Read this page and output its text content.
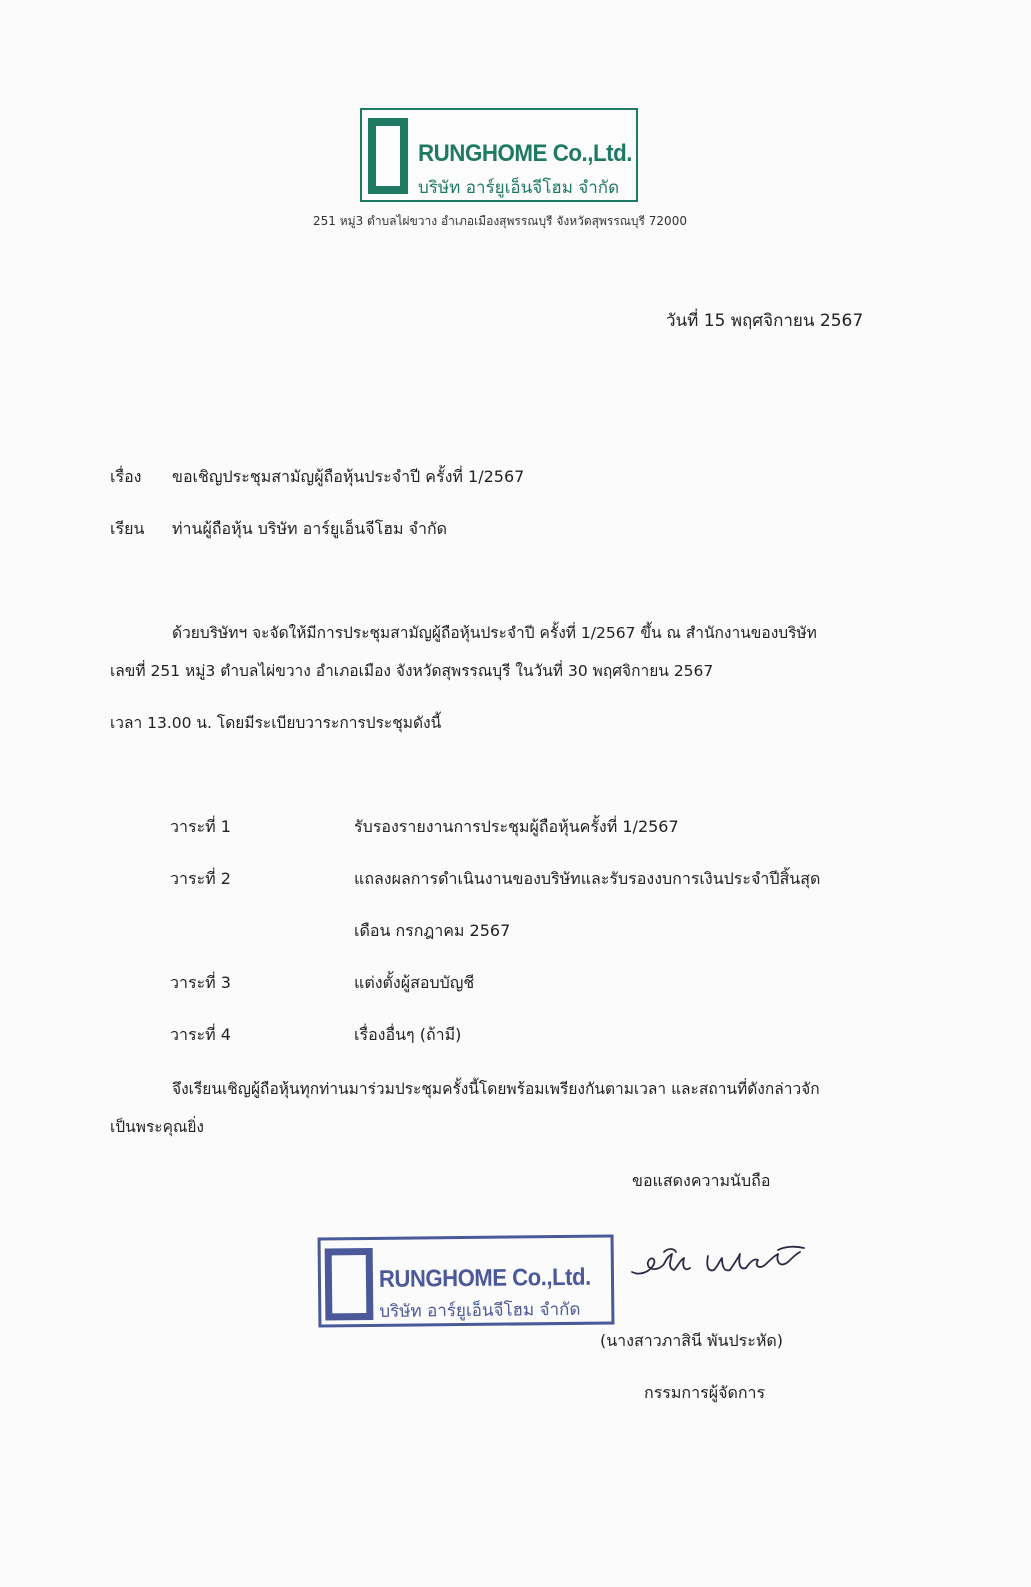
RUNGHOME Co.,Ltd.
บริษัท อาร์ยูเอ็นจีโฮม จำกัด
251 หมู่3 ตำบลไผ่ขวาง อำเภอเมืองสุพรรณบุรี จังหวัดสุพรรณบุรี 72000
วันที่ 15 พฤศจิกายน 2567
เรื่อง ขอเชิญประชุมสามัญผู้ถือหุ้นประจำปี ครั้งที่ 1/2567
เรียน ท่านผู้ถือหุ้น บริษัท อาร์ยูเอ็นจีโฮม จำกัด
ด้วยบริษัทฯ จะจัดให้มีการประชุมสามัญผู้ถือหุ้นประจำปี ครั้งที่ 1/2567 ขึ้น ณ สำนักงานของบริษัท
เลขที่ 251 หมู่3 ตำบลไผ่ขวาง อำเภอเมือง จังหวัดสุพรรณบุรี ในวันที่ 30 พฤศจิกายน 2567
เวลา 13.00 น. โดยมีระเบียบวาระการประชุมดังนี้
วาระที่ 1	รับรองรายงานการประชุมผู้ถือหุ้นครั้งที่ 1/2567
วาระที่ 2	แถลงผลการดำเนินงานของบริษัทและรับรองงบการเงินประจำปีสิ้นสุด
เดือน กรกฎาคม 2567
วาระที่ 3	แต่งตั้งผู้สอบบัญชี
วาระที่ 4	เรื่องอื่นๆ (ถ้ามี)
จึงเรียนเชิญผู้ถือหุ้นทุกท่านมาร่วมประชุมครั้งนี้โดยพร้อมเพรียงกันตามเวลา และสถานที่ดังกล่าวจัก
เป็นพระคุณยิ่ง
ขอแสดงความนับถือ
RUNGHOME Co.,Ltd.
บริษัท อาร์ยูเอ็นจีโฮม จำกัด
(นางสาวภาสินี พันประหัด)
กรรมการผู้จัดการ
